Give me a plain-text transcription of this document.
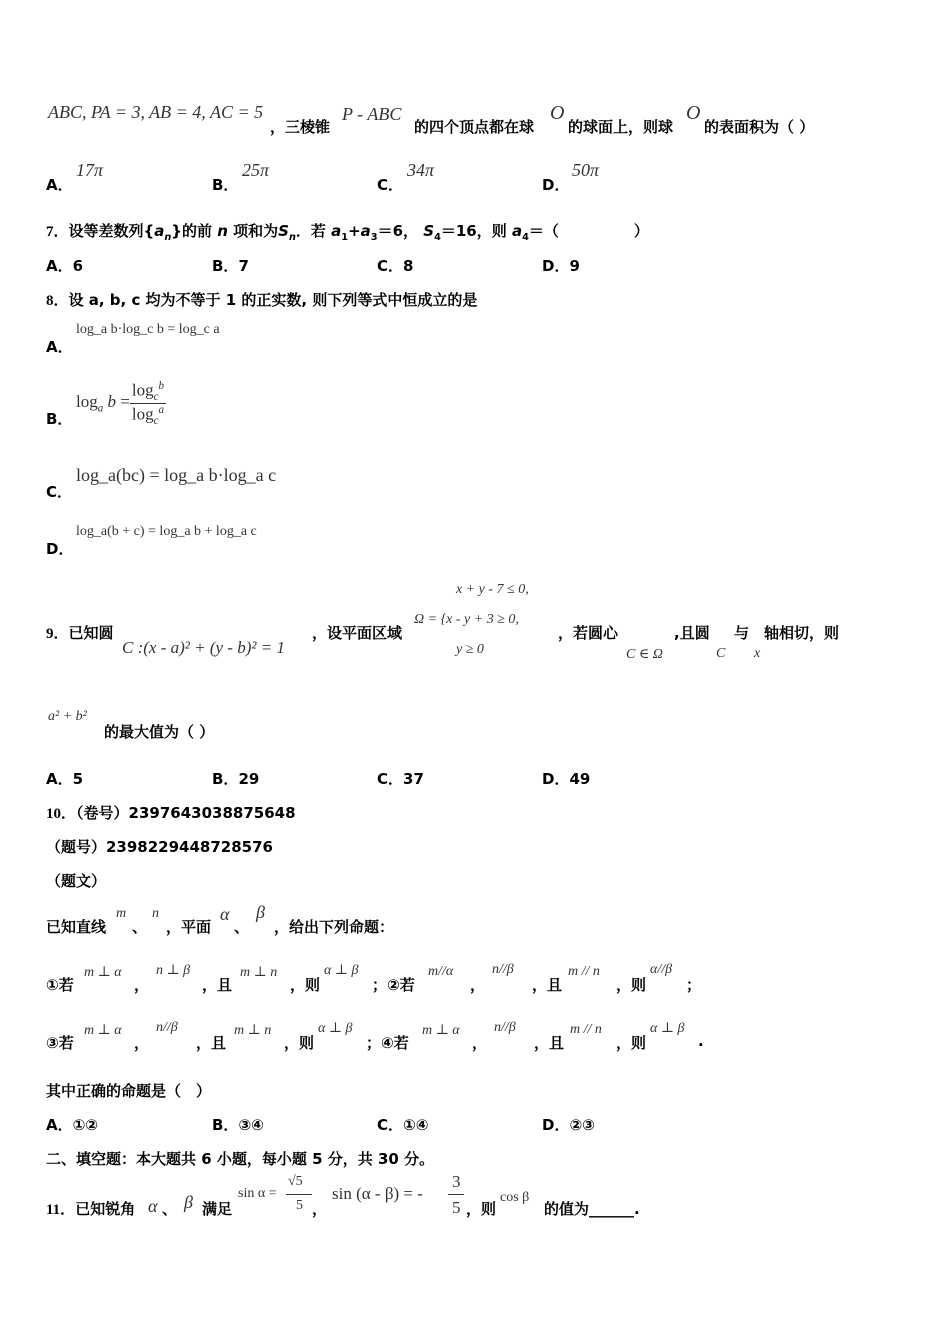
ABC, PA = 3, AB = 4, AC = 5
，三棱锥
P - ABC
的四个顶点都在球
O
的球面上，则球
O
的表面积为（ ）
A．
17π
B．
25π
C．
34π
D．
50π
7．设等差数列$\{a_n\}$的前 n 项和为$S_n$．若 $a_1+a_3=6$， $S_4=16$，则 $a_4=$（　　　　　）
A．6	B．7	C．8	D．9
8．设 a, b, c 均为不等于 1 的正实数, 则下列等式中恒成立的是
A．
log_a b·log_c b = log_c a
B．
$\log_a b = \frac{\log_c^b}{\log_c^a}$
C．
log_a(bc) = log_a b·log_a c
D．
log_a(b + c) = log_a b + log_a c
9．已知圆
C :(x - a)² + (y - b)² = 1
，设平面区域
x + y - 7 ≤ 0,
Ω = {x - y + 3 ≥ 0,
y ≥ 0
，若圆心	,且圆 与 轴相切，则
C ∈ Ω	C x
a² + b²
的最大值为（ ）
A．5	B．29	C．37	D．49
10．（卷号）2397643038875648
（题号）2398229448728576
（题文）
已知直线
m
、
n
，平面
α
、
β
，给出下列命题：
①若
m ⊥ α
，
n ⊥ β
，且
m ⊥ n
，则
α ⊥ β
；②若
m//α
，
n//β
，且
m // n
，则
α//β
；
③若
m ⊥ α
，
n//β
，且
m ⊥ n
，则
α ⊥ β
；④若
m ⊥ α
，
n//β
，且
m // n
，则
α ⊥ β
.
其中正确的命题是（　）
A．①②	B．③④	C．①④	D．②③
二、填空题：本大题共 6 小题，每小题 5 分，共 30 分。
11．已知锐角 α 、 β 满足
sin α =
√5
5 ，
sin (α - β) = -
3
5 ，则
cos β
的值为______.
